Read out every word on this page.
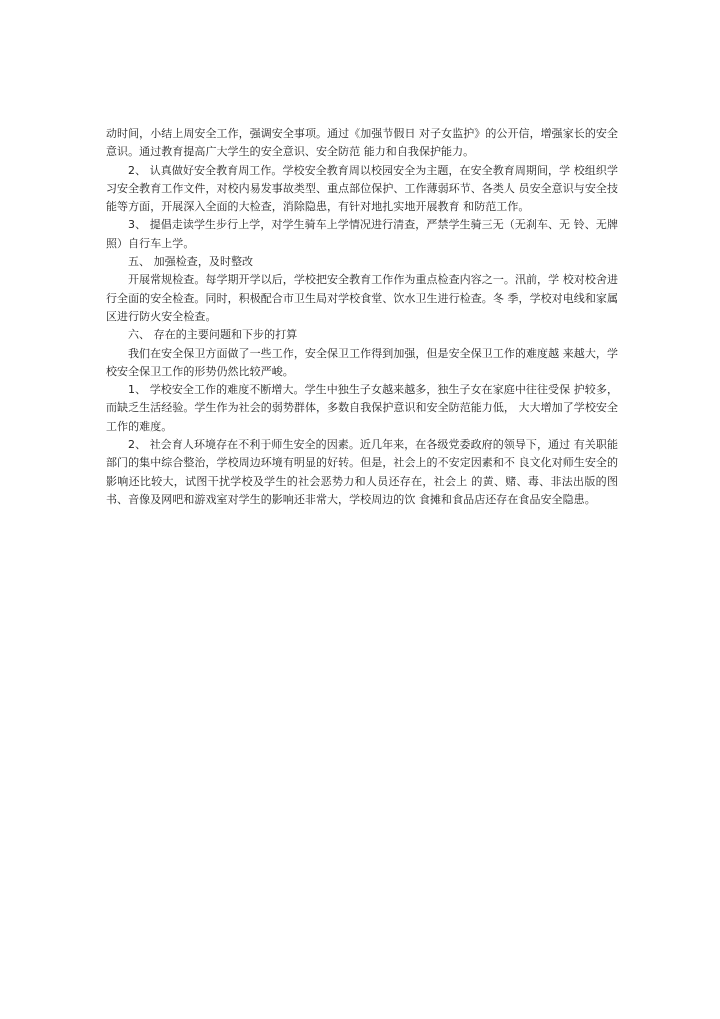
动时间，小结上周安全工作，强调安全事项。通过《加强节假日 对子女监护》的公开信，增强家长的安全意识。通过教育提高广大学生的安全意识、安全防范 能力和自我保护能力。

2、 认真做好安全教育周工作。学校安全教育周以校园安全为主题，在安全教育周期间，学 校组织学习安全教育工作文件，对校内易发事故类型、重点部位保护、工作薄弱环节、各类人 员安全意识与安全技能等方面，开展深入全面的大检查，消除隐患，有针对地扎实地开展教育 和防范工作。

3、 提倡走读学生步行上学，对学生骑车上学情况进行清查，严禁学生骑三无（无刹车、无 铃、无牌照）自行车上学。

五、 加强检查，及时整改

开展常规检查。每学期开学以后，学校把安全教育工作作为重点检查内容之一。汛前，学 校对校舍进行全面的安全检查。同时，积极配合市卫生局对学校食堂、饮水卫生进行检查。冬 季，学校对电线和家属区进行防火安全检查。

六、 存在的主要问题和下步的打算

我们在安全保卫方面做了一些工作，安全保卫工作得到加强，但是安全保卫工作的难度越 来越大，学校安全保卫工作的形势仍然比较严峻。

1、 学校安全工作的难度不断增大。学生中独生子女越来越多，独生子女在家庭中往往受保 护较多，而缺乏生活经验。学生作为社会的弱势群体，多数自我保护意识和安全防范能力低， 大大增加了学校安全工作的难度。

2、 社会育人环境存在不利于师生安全的因素。近几年来，在各级党委政府的领导下，通过 有关职能部门的集中综合整治，学校周边环境有明显的好转。但是，社会上的不安定因素和不 良文化对师生安全的影响还比较大，试图干扰学校及学生的社会恶势力和人员还存在，社会上 的黄、赌、毒、非法出版的图书、音像及网吧和游戏室对学生的影响还非常大，学校周边的饮 食摊和食品店还存在食品安全隐患。
